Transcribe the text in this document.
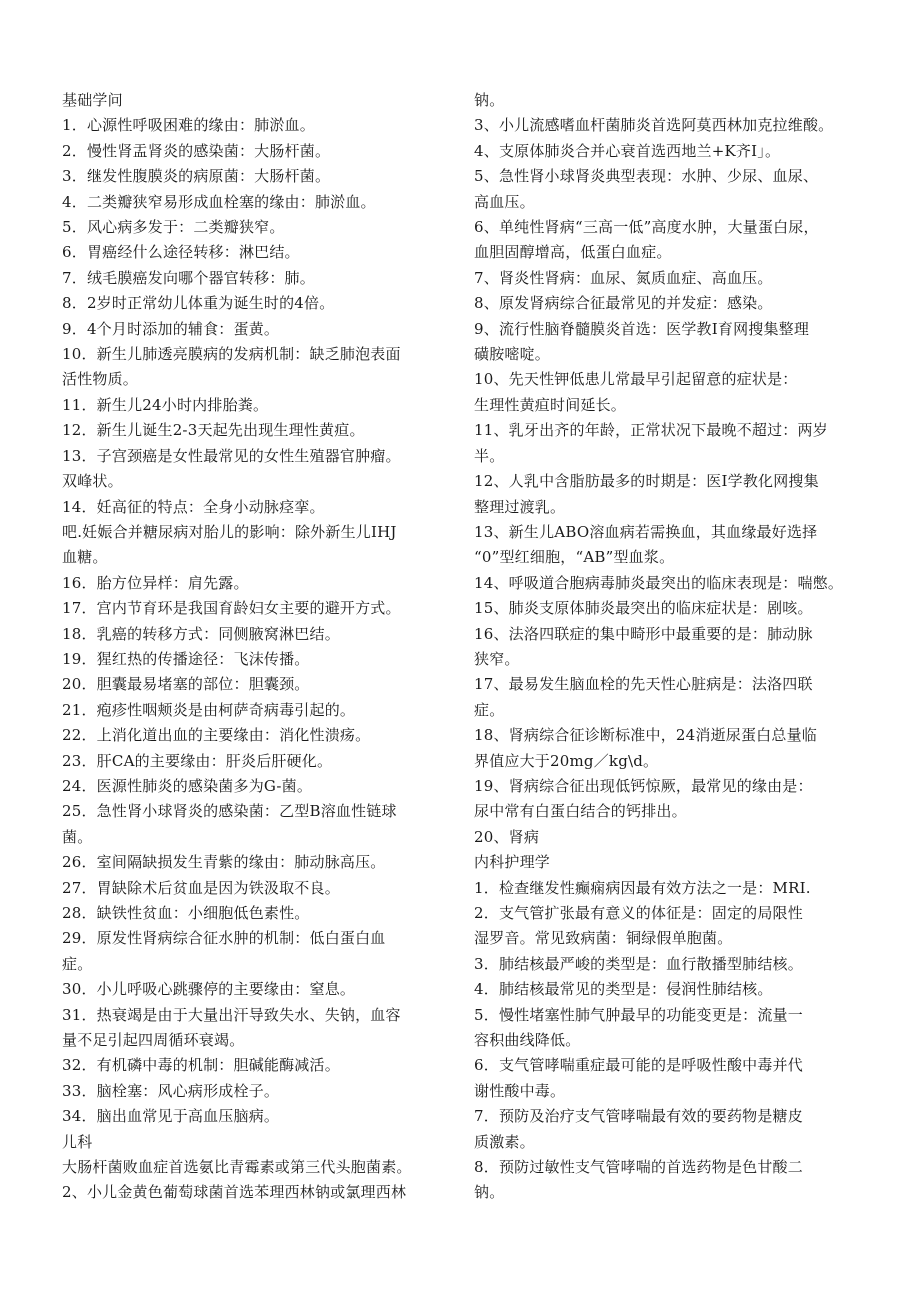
基础学问
1．心源性呼吸困难的缘由：肺淤血。
2．慢性肾盂肾炎的感染菌：大肠杆菌。
3．继发性腹膜炎的病原菌：大肠杆菌。
4．二类瓣狭窄易形成血栓塞的缘由：肺淤血。
5．风心病多发于：二类瓣狭窄。
6．胃癌经什么途径转移：淋巴结。
7．绒毛膜癌发向哪个器官转移：肺。
8．2岁时正常幼儿体重为诞生时的4倍。
9．4个月时添加的辅食：蛋黄。
10．新生儿肺透亮膜病的发病机制：缺乏肺泡表面
活性物质。
11．新生儿24小时内排胎粪。
12．新生儿诞生2-3天起先出现生理性黄疸。
13．子宫颈癌是女性最常见的女性生殖器官肿瘤。
双峰状。
14．妊高征的特点：全身小动脉痉挛。
吧.妊娠合并糖尿病对胎儿的影响：除外新生儿IHJ
血糖。
16．胎方位异样：肩先露。
17．宫内节育环是我国育龄妇女主要的避开方式。
18．乳癌的转移方式：同侧腋窝淋巴结。
19．猩红热的传播途径：飞沫传播。
20．胆囊最易堵塞的部位：胆囊颈。
21．疱疹性咽颊炎是由柯萨奇病毒引起的。
22．上消化道出血的主要缘由：消化性溃疡。
23．肝CA的主要缘由：肝炎后肝硬化。
24．医源性肺炎的感染菌多为G-菌。
25．急性肾小球肾炎的感染菌：乙型B溶血性链球
菌。
26．室间隔缺损发生青紫的缘由：肺动脉高压。
27．胃缺除术后贫血是因为铁汲取不良。
28．缺铁性贫血：小细胞低色素性。
29．原发性肾病综合征水肿的机制：低白蛋白血
症。
30．小儿呼吸心跳骤停的主要缘由：窒息。
31．热衰竭是由于大量出汗导致失水、失钠，血容
量不足引起四周循环衰竭。
32．有机磷中毒的机制：胆碱能酶减活。
33．脑栓塞：风心病形成栓子。
34．脑出血常见于高血压脑病。
儿科
大肠杆菌败血症首选氨比青霉素或第三代头胞菌素。
2、小儿金黄色葡萄球菌首选苯理西林钠或氯理西林
钠。
3、小儿流感嗜血杆菌肺炎首选阿莫西林加克拉维酸。
4、支原体肺炎合并心衰首选西地兰+K齐I」。
5、急性肾小球肾炎典型表现：水肿、少尿、血尿、
高血压。
6、单纯性肾病“三高一低”高度水肿，大量蛋白尿，
血胆固醇增高，低蛋白血症。
7、肾炎性肾病：血尿、氮质血症、高血压。
8、原发肾病综合征最常见的并发症：感染。
9、流行性脑脊髓膜炎首选：医学教I育网搜集整理
磺胺嘧啶。
10、先天性钾低患儿常最早引起留意的症状是：
生理性黄疸时间延长。
11、乳牙出齐的年龄，正常状况下最晚不超过：两岁
半。
12、人乳中含脂肪最多的时期是：医I学教化网搜集
整理过渡乳。
13、新生儿ABO溶血病若需换血，其血缘最好选择
“0”型红细胞，“AB”型血浆。
14、呼吸道合胞病毒肺炎最突出的临床表现是：喘憋。
15、肺炎支原体肺炎最突出的临床症状是：剧咳。
16、法洛四联症的集中畸形中最重要的是：肺动脉
狭窄。
17、最易发生脑血栓的先天性心脏病是：法洛四联
症。
18、肾病综合征诊断标准中，24消逝尿蛋白总量临
界值应大于20mg／kg\d。
19、肾病综合征出现低钙惊厥，最常见的缘由是：
尿中常有白蛋白结合的钙排出。
20、肾病
内科护理学
1．检查继发性癫痫病因最有效方法之一是：MRI.
2．支气管扩张最有意义的体征是：固定的局限性
湿罗音。常见致病菌：铜绿假单胞菌。
3．肺结核最严峻的类型是：血行散播型肺结核。
4．肺结核最常见的类型是：侵润性肺结核。
5．慢性堵塞性肺气肿最早的功能变更是：流量一
容积曲线降低。
6．支气管哮喘重症最可能的是呼吸性酸中毒并代
谢性酸中毒。
7．预防及治疗支气管哮喘最有效的要药物是糖皮
质激素。
8．预防过敏性支气管哮喘的首选药物是色甘酸二
钠。
